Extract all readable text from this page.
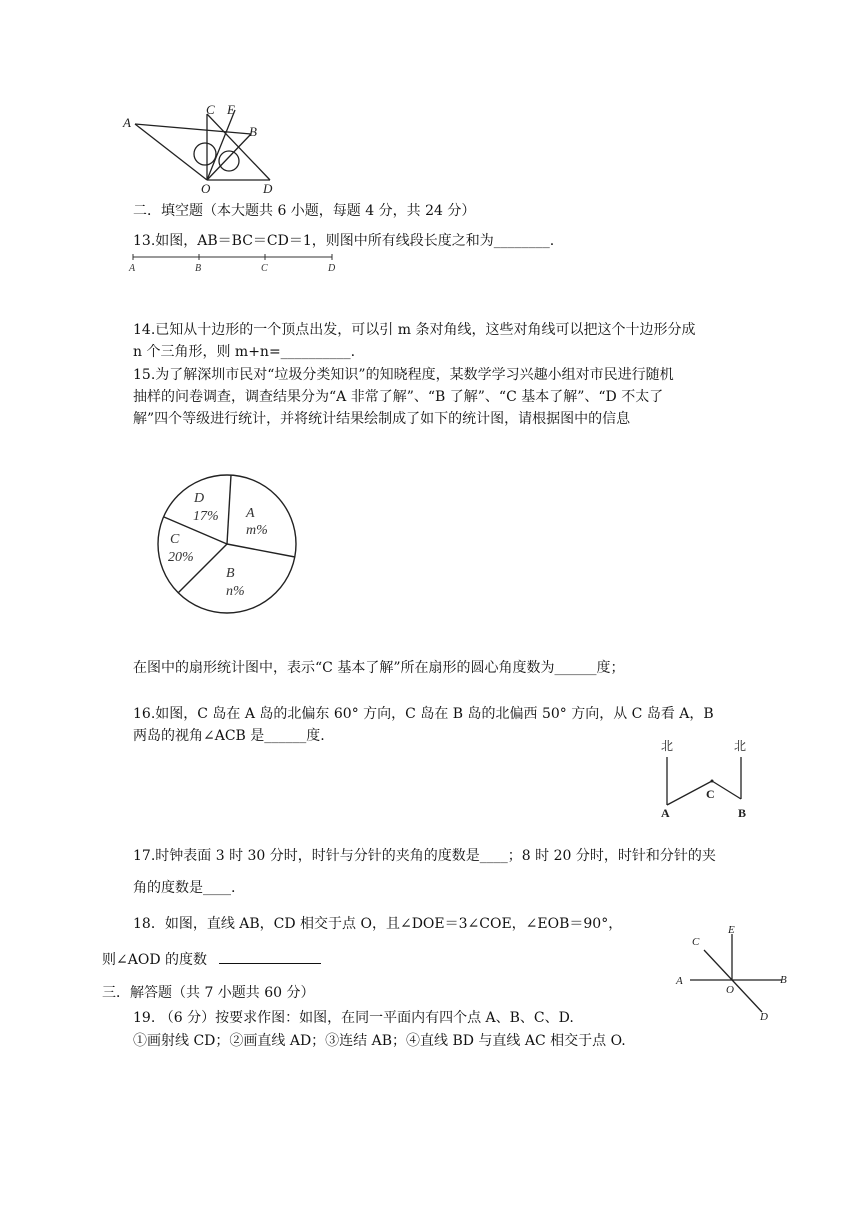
A
C E
B
O	D
二．填空题（本大题共 6 小题，每题 4 分，共 24 分）
13.如图，AB＝BC＝CD＝1，则图中所有线段长度之和为________.
A	B	C	D
14.已知从十边形的一个顶点出发，可以引 m 条对角线，这些对角线可以把这个十边形分成
n 个三角形，则 m+n=__________.
15.为了解深圳市民对“垃圾分类知识”的知晓程度，某数学学习兴趣小组对市民进行随机
抽样的问卷调查，调查结果分为“A 非常了解”、“B 了解”、“C 基本了解”、“D 不太了
解”四个等级进行统计，并将统计结果绘制成了如下的统计图，请根据图中的信息
D
17% A
m%
C
20%
B
n%
在图中的扇形统计图中，表示“C 基本了解”所在扇形的圆心角度数为______度；
16.如图，C 岛在 A 岛的北偏东 60° 方向，C 岛在 B 岛的北偏西 50° 方向，从 C 岛看 A，B
两岛的视角∠ACB 是______度.
北	北
A
C
B
17.时钟表面 3 时 30 分时，时针与分针的夹角的度数是____；8 时 20 分时，时针和分针的夹
角的度数是____.
18．如图，直线 AB，CD 相交于点 O，且∠DOE＝3∠COE，∠EOB＝90°，
则∠AOD 的度数
C
E
A	B
O
D
三．解答题（共 7 小题共 60 分）
19. （6 分）按要求作图：如图，在同一平面内有四个点 A、B、C、D.
①画射线 CD；②画直线 AD；③连结 AB；④直线 BD 与直线 AC 相交于点 O.
